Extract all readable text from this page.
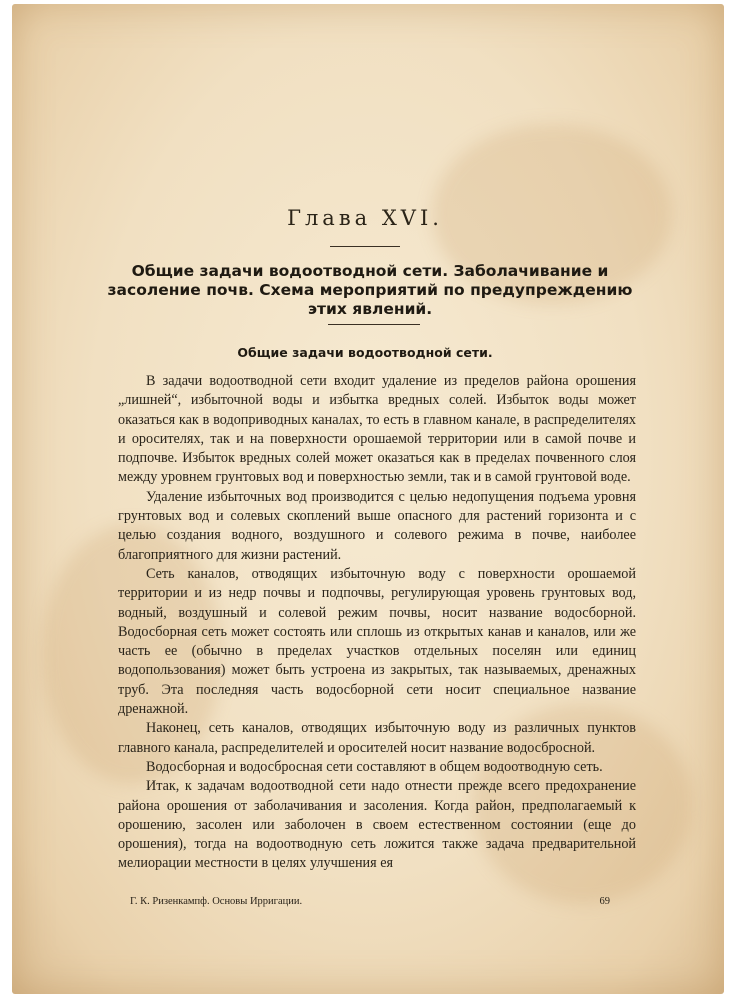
Глава XVI.
Общие задачи водоотводной сети. Заболачивание и засоление почв. Схема мероприятий по предупреждению этих явлений.
Общие задачи водоотводной сети.

В задачи водоотводной сети входит удаление из пределов района орошения „лишней“, избыточной воды и избытка вредных солей. Избыток воды может оказаться как в водоприводных каналах, то есть в главном канале, в распределителях и оросителях, так и на поверхности орошаемой территории или в самой почве и подпочве. Избыток вредных солей может оказаться как в пределах почвенного слоя между уровнем грунтовых вод и поверхностью земли, так и в самой грунтовой воде.

Удаление избыточных вод производится с целью недопущения подъема уровня грунтовых вод и солевых скоплений выше опасного для растений горизонта и с целью создания водного, воздушного и солевого режима в почве, наиболее благоприятного для жизни растений.

Сеть каналов, отводящих избыточную воду с поверхности орошаемой территории и из недр почвы и подпочвы, регулирующая уровень грунтовых вод, водный, воздушный и солевой режим почвы, носит название водосборной. Водосборная сеть может состоять или сплошь из открытых канав и каналов, или же часть ее (обычно в пределах участков отдельных поселян или единиц водопользования) может быть устроена из закрытых, так называемых, дренажных труб. Эта последняя часть водосборной сети носит специальное название дренажной.

Наконец, сеть каналов, отводящих избыточную воду из различных пунктов главного канала, распределителей и оросителей носит название водосбросной.

Водосборная и водосбросная сети составляют в общем водоотводную сеть.

Итак, к задачам водоотводной сети надо отнести прежде всего предохранение района орошения от заболачивания и засоления. Когда район, предполагаемый к орошению, засолен или заболочен в своем естественном состоянии (еще до орошения), тогда на водоотводную сеть ложится также задача предварительной мелиорации местности в целях улучшения ея

Г. К. Ризенкампф. Основы Ирригации.	69
